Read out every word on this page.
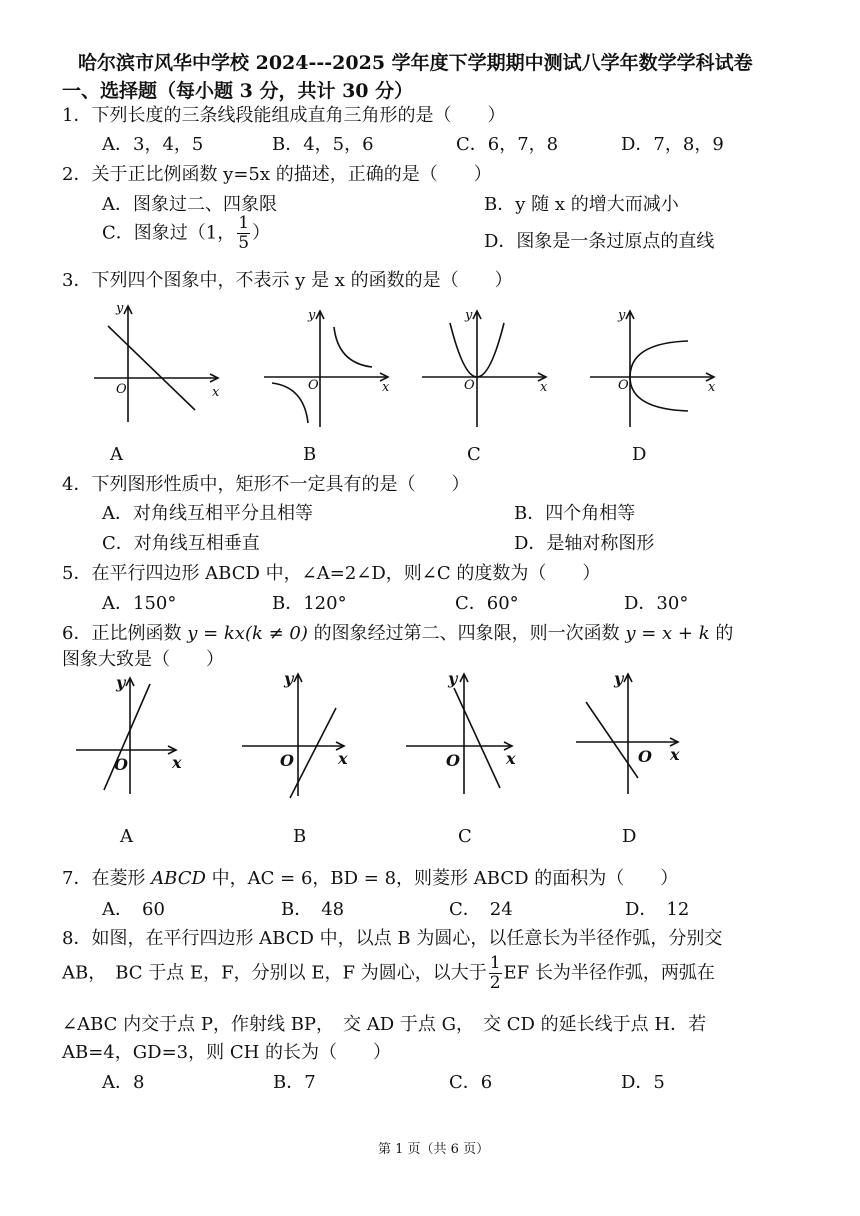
哈尔滨市风华中学校 2024---2025 学年度下学期期中测试八学年数学学科试卷
一、选择题（每小题 3 分，共计 30 分）
1．下列长度的三条线段能组成直角三角形的是（　　）
A．3，4，5	B．4，5，6	C．6，7，8	D．7，8，9
2．关于正比例函数 y=5x 的描述，正确的是（　　）
A．图象过二、四象限	B．y 随 x 的增大而减小
C．图象过（1， $\frac{1}{5}$ ）	D．图象是一条过原点的直线
3．下列四个图象中，不表示 y 是 x 的函数的是（　　）
O	x
y
O	x
y
O	x
y
O	x
y
A	B	C	D
4．下列图形性质中，矩形不一定具有的是（　　）
A．对角线互相平分且相等	B．四个角相等
C．对角线互相垂直	D．是轴对称图形
5．在平行四边形 ABCD 中，∠A=2∠D，则∠C 的度数为（　　）
A．150°	B．120°	C．60°	D．30°
6．正比例函数 y = kx(k ≠ 0) 的图象经过第二、四象限，则一次函数 y = x + k 的
图象大致是（　　）
O	x
y
O	x
y
O	x
y
O x
y
A	B	C	D
7．在菱形 ABCD 中，AC = 6，BD = 8，则菱形 ABCD 的面积为（　　）
A．　60	B．　48	C．　24	D．　12
8．如图，在平行四边形 ABCD 中，以点 B 为圆心，以任意长为半径作弧，分别交
AB，　BC 于点 E，F，分别以 E，F 为圆心，以大于 $\frac{1}{2}$ EF 长为半径作弧，两弧在
∠ABC 内交于点 P，作射线 BP，　交 AD 于点 G，　交 CD 的延长线于点 H．若
AB=4，GD=3，则 CH 的长为（　　）
A．8	B．7	C．6	D．5
第 1 页（共 6 页）
